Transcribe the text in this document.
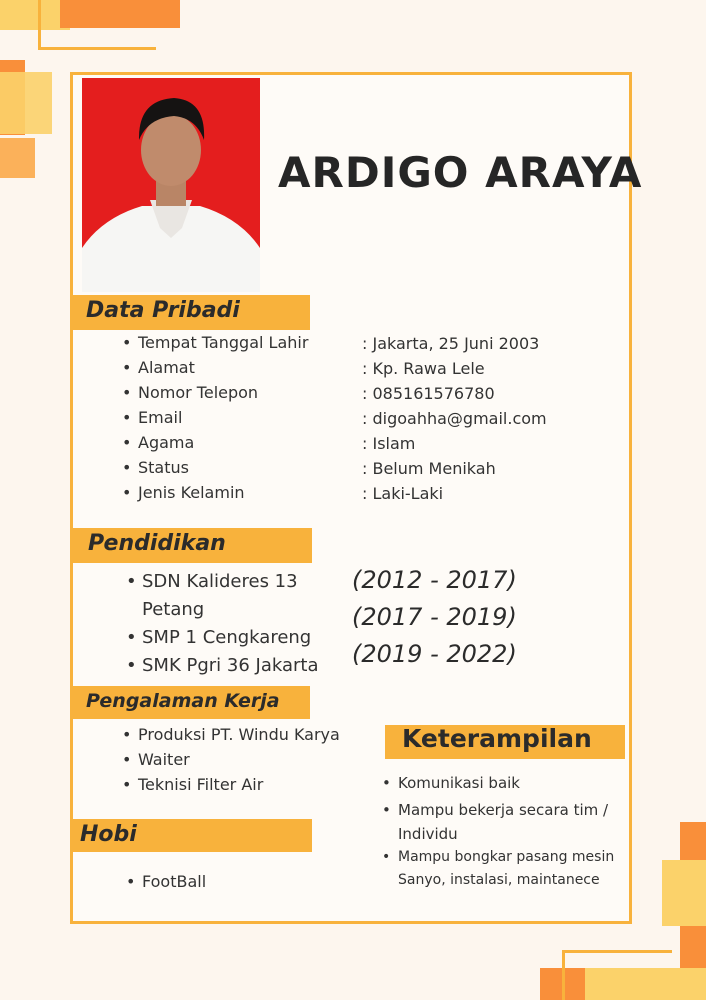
ARDIGO ARAYA
Data Pribadi
• Tempat Tanggal Lahir
• Alamat
• Nomor Telepon
• Email
• Agama
• Status
• Jenis Kelamin
: Jakarta, 25 Juni 2003
: Kp. Rawa Lele
: 085161576780
: digoahha@gmail.com
: Islam
: Belum Menikah
: Laki-Laki
Pendidikan
• SDN Kalideres 13 Petang
• SMP 1 Cengkareng
• SMK Pgri 36 Jakarta
(2012 - 2017)
(2017 - 2019)
(2019 - 2022)
Pengalaman Kerja
• Produksi PT. Windu Karya
• Waiter
• Teknisi Filter Air
Hobi
• FootBall
Keterampilan
• Komunikasi baik
• Mampu bekerja secara tim / Individu
• Mampu bongkar pasang mesin Sanyo, instalasi, maintanece
